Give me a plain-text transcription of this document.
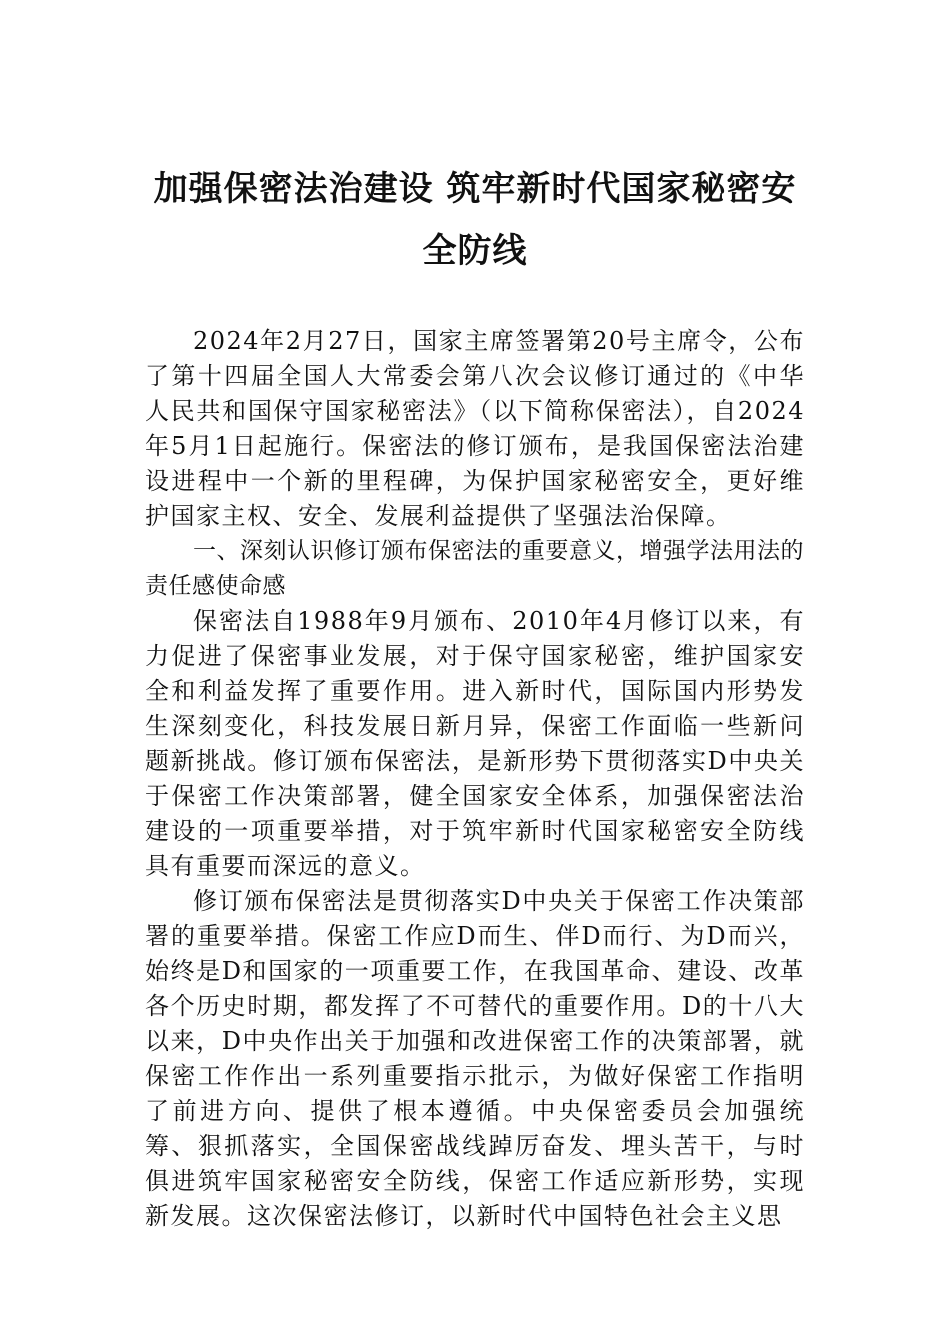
加强保密法治建设 筑牢新时代国家秘密安全防线

2024年2月27日，国家主席签署第20号主席令，公布了第十四届全国人大常委会第八次会议修订通过的《中华人民共和国保守国家秘密法》（以下简称保密法），自2024年5月1日起施行。保密法的修订颁布，是我国保密法治建设进程中一个新的里程碑，为保护国家秘密安全，更好维护国家主权、安全、发展利益提供了坚强法治保障。

一、深刻认识修订颁布保密法的重要意义，增强学法用法的责任感使命感

保密法自1988年9月颁布、2010年4月修订以来，有力促进了保密事业发展，对于保守国家秘密，维护国家安全和利益发挥了重要作用。进入新时代，国际国内形势发生深刻变化，科技发展日新月异，保密工作面临一些新问题新挑战。修订颁布保密法，是新形势下贯彻落实D中央关于保密工作决策部署，健全国家安全体系，加强保密法治建设的一项重要举措，对于筑牢新时代国家秘密安全防线具有重要而深远的意义。

修订颁布保密法是贯彻落实D中央关于保密工作决策部署的重要举措。保密工作应D而生、伴D而行、为D而兴，始终是D和国家的一项重要工作，在我国革命、建设、改革各个历史时期，都发挥了不可替代的重要作用。D的十八大以来，D中央作出关于加强和改进保密工作的决策部署，就保密工作作出一系列重要指示批示，为做好保密工作指明了前进方向、提供了根本遵循。中央保密委员会加强统筹、狠抓落实，全国保密战线踔厉奋发、埋头苦干，与时俱进筑牢国家秘密安全防线，保密工作适应新形势，实现新发展。这次保密法修订，以新时代中国特色社会主义思
